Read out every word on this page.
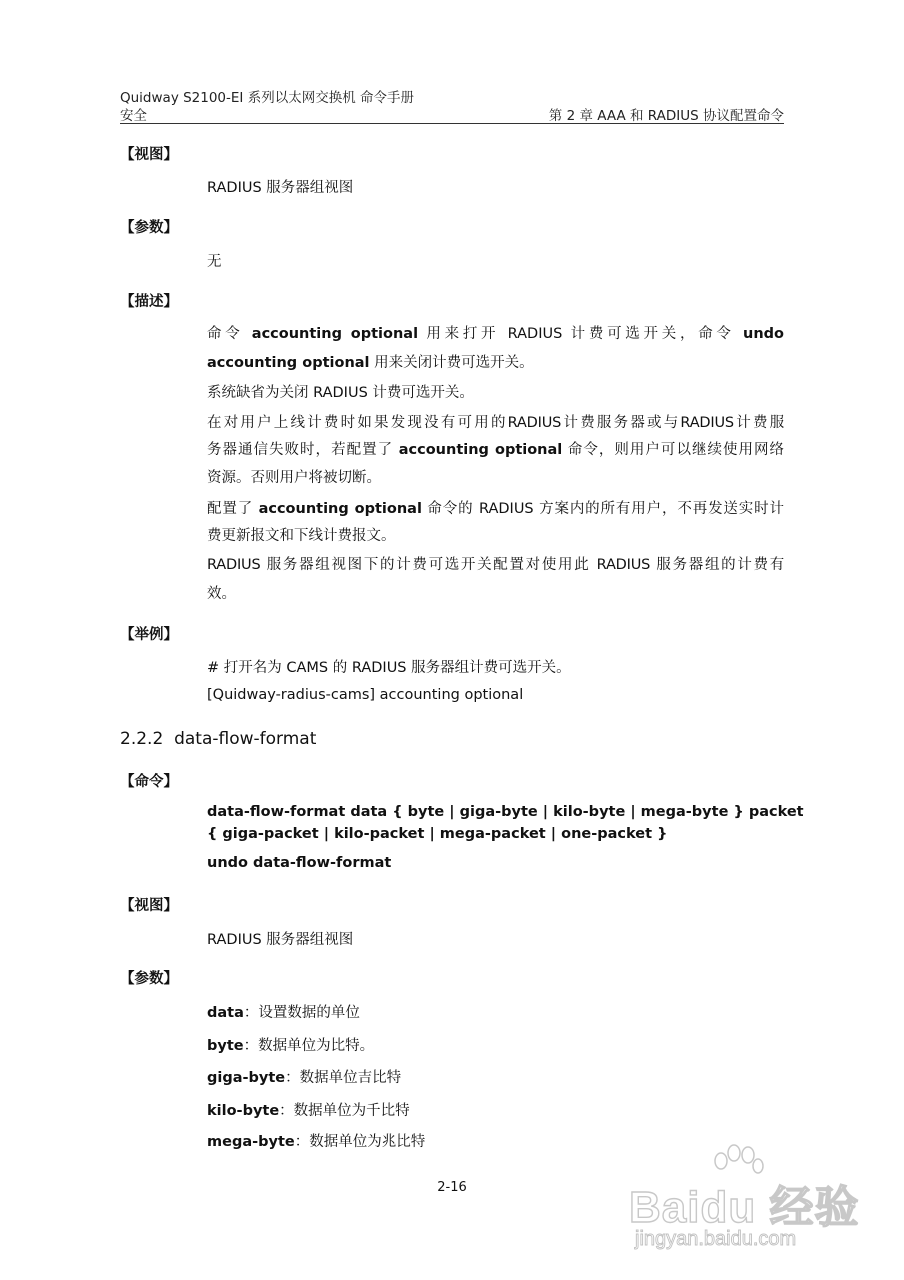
Quidway S2100-EI 系列以太网交换机 命令手册
安全	第 2 章 AAA 和 RADIUS 协议配置命令
【视图】
RADIUS 服务器组视图
【参数】
无
【描述】
命令 accounting optional 用来打开 RADIUS 计费可选开关，命令 undo
accounting optional 用来关闭计费可选开关。
系统缺省为关闭 RADIUS 计费可选开关。
在对用户上线计费时如果发现没有可用的RADIUS计费服务器或与RADIUS计费服
务器通信失败时，若配置了 accounting optional 命令，则用户可以继续使用网络
资源。否则用户将被切断。
配置了 accounting optional 命令的 RADIUS 方案内的所有用户，不再发送实时计
费更新报文和下线计费报文。
RADIUS 服务器组视图下的计费可选开关配置对使用此 RADIUS 服务器组的计费有
效。
【举例】
# 打开名为 CAMS 的 RADIUS 服务器组计费可选开关。
[Quidway-radius-cams] accounting optional
2.2.2 data-flow-format
【命令】
data-flow-format data { byte | giga-byte | kilo-byte | mega-byte } packet
{ giga-packet | kilo-packet | mega-packet | one-packet }
undo data-flow-format
【视图】
RADIUS 服务器组视图
【参数】
data：设置数据的单位
byte：数据单位为比特。
giga-byte：数据单位吉比特
kilo-byte：数据单位为千比特
mega-byte：数据单位为兆比特
2-16	Baidu 经验
jingyan.baidu.com
